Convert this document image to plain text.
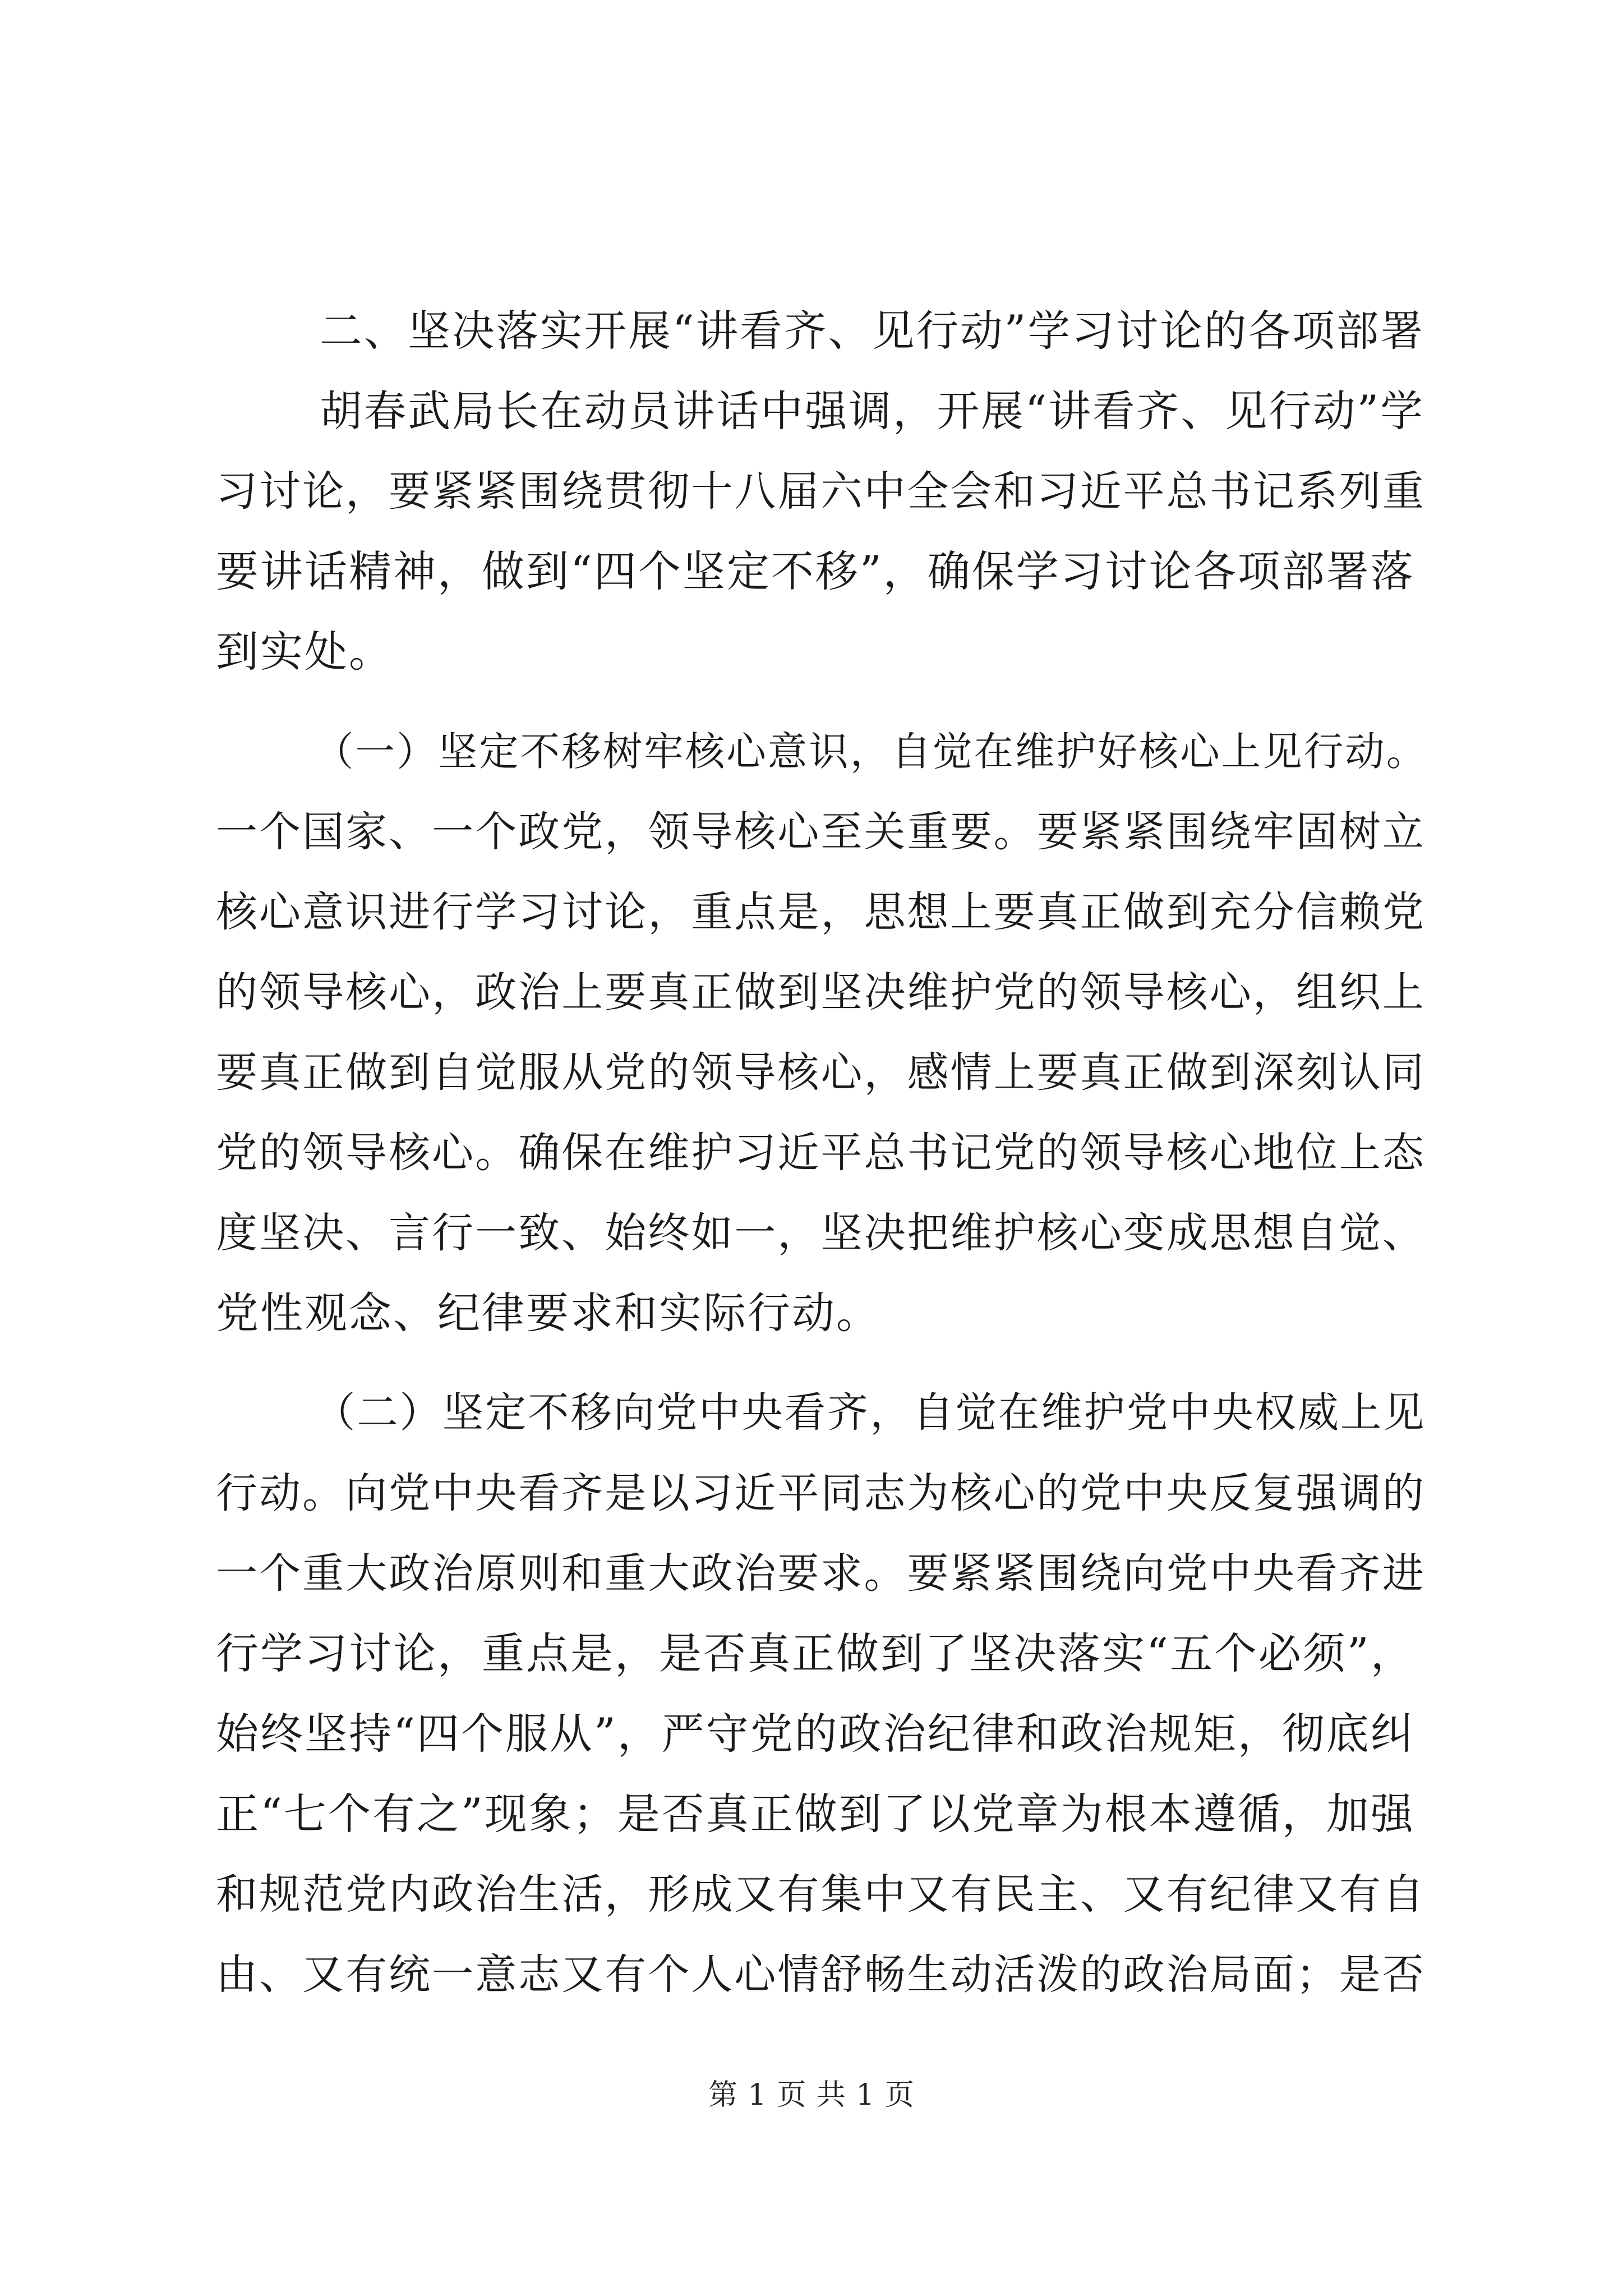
二、坚决落实开展“讲看齐、见行动”学习讨论的各项部署

胡春武局长在动员讲话中强调，开展“讲看齐、见行动”学

习讨论，要紧紧围绕贯彻十八届六中全会和习近平总书记系列重

要讲话精神，做到“四个坚定不移”，确保学习讨论各项部署落

到实处。

（一）坚定不移树牢核心意识，自觉在维护好核心上见行动。

一个国家、一个政党，领导核心至关重要。要紧紧围绕牢固树立

核心意识进行学习讨论，重点是，思想上要真正做到充分信赖党

的领导核心，政治上要真正做到坚决维护党的领导核心，组织上

要真正做到自觉服从党的领导核心，感情上要真正做到深刻认同

党的领导核心。确保在维护习近平总书记党的领导核心地位上态

度坚决、言行一致、始终如一，坚决把维护核心变成思想自觉、

党性观念、纪律要求和实际行动。

（二）坚定不移向党中央看齐，自觉在维护党中央权威上见

行动。向党中央看齐是以习近平同志为核心的党中央反复强调的

一个重大政治原则和重大政治要求。要紧紧围绕向党中央看齐进

行学习讨论，重点是，是否真正做到了坚决落实“五个必须”，

始终坚持“四个服从”，严守党的政治纪律和政治规矩，彻底纠

正“七个有之”现象；是否真正做到了以党章为根本遵循，加强

和规范党内政治生活，形成又有集中又有民主、又有纪律又有自

由、又有统一意志又有个人心情舒畅生动活泼的政治局面；是否

第 1 页 共 1 页
